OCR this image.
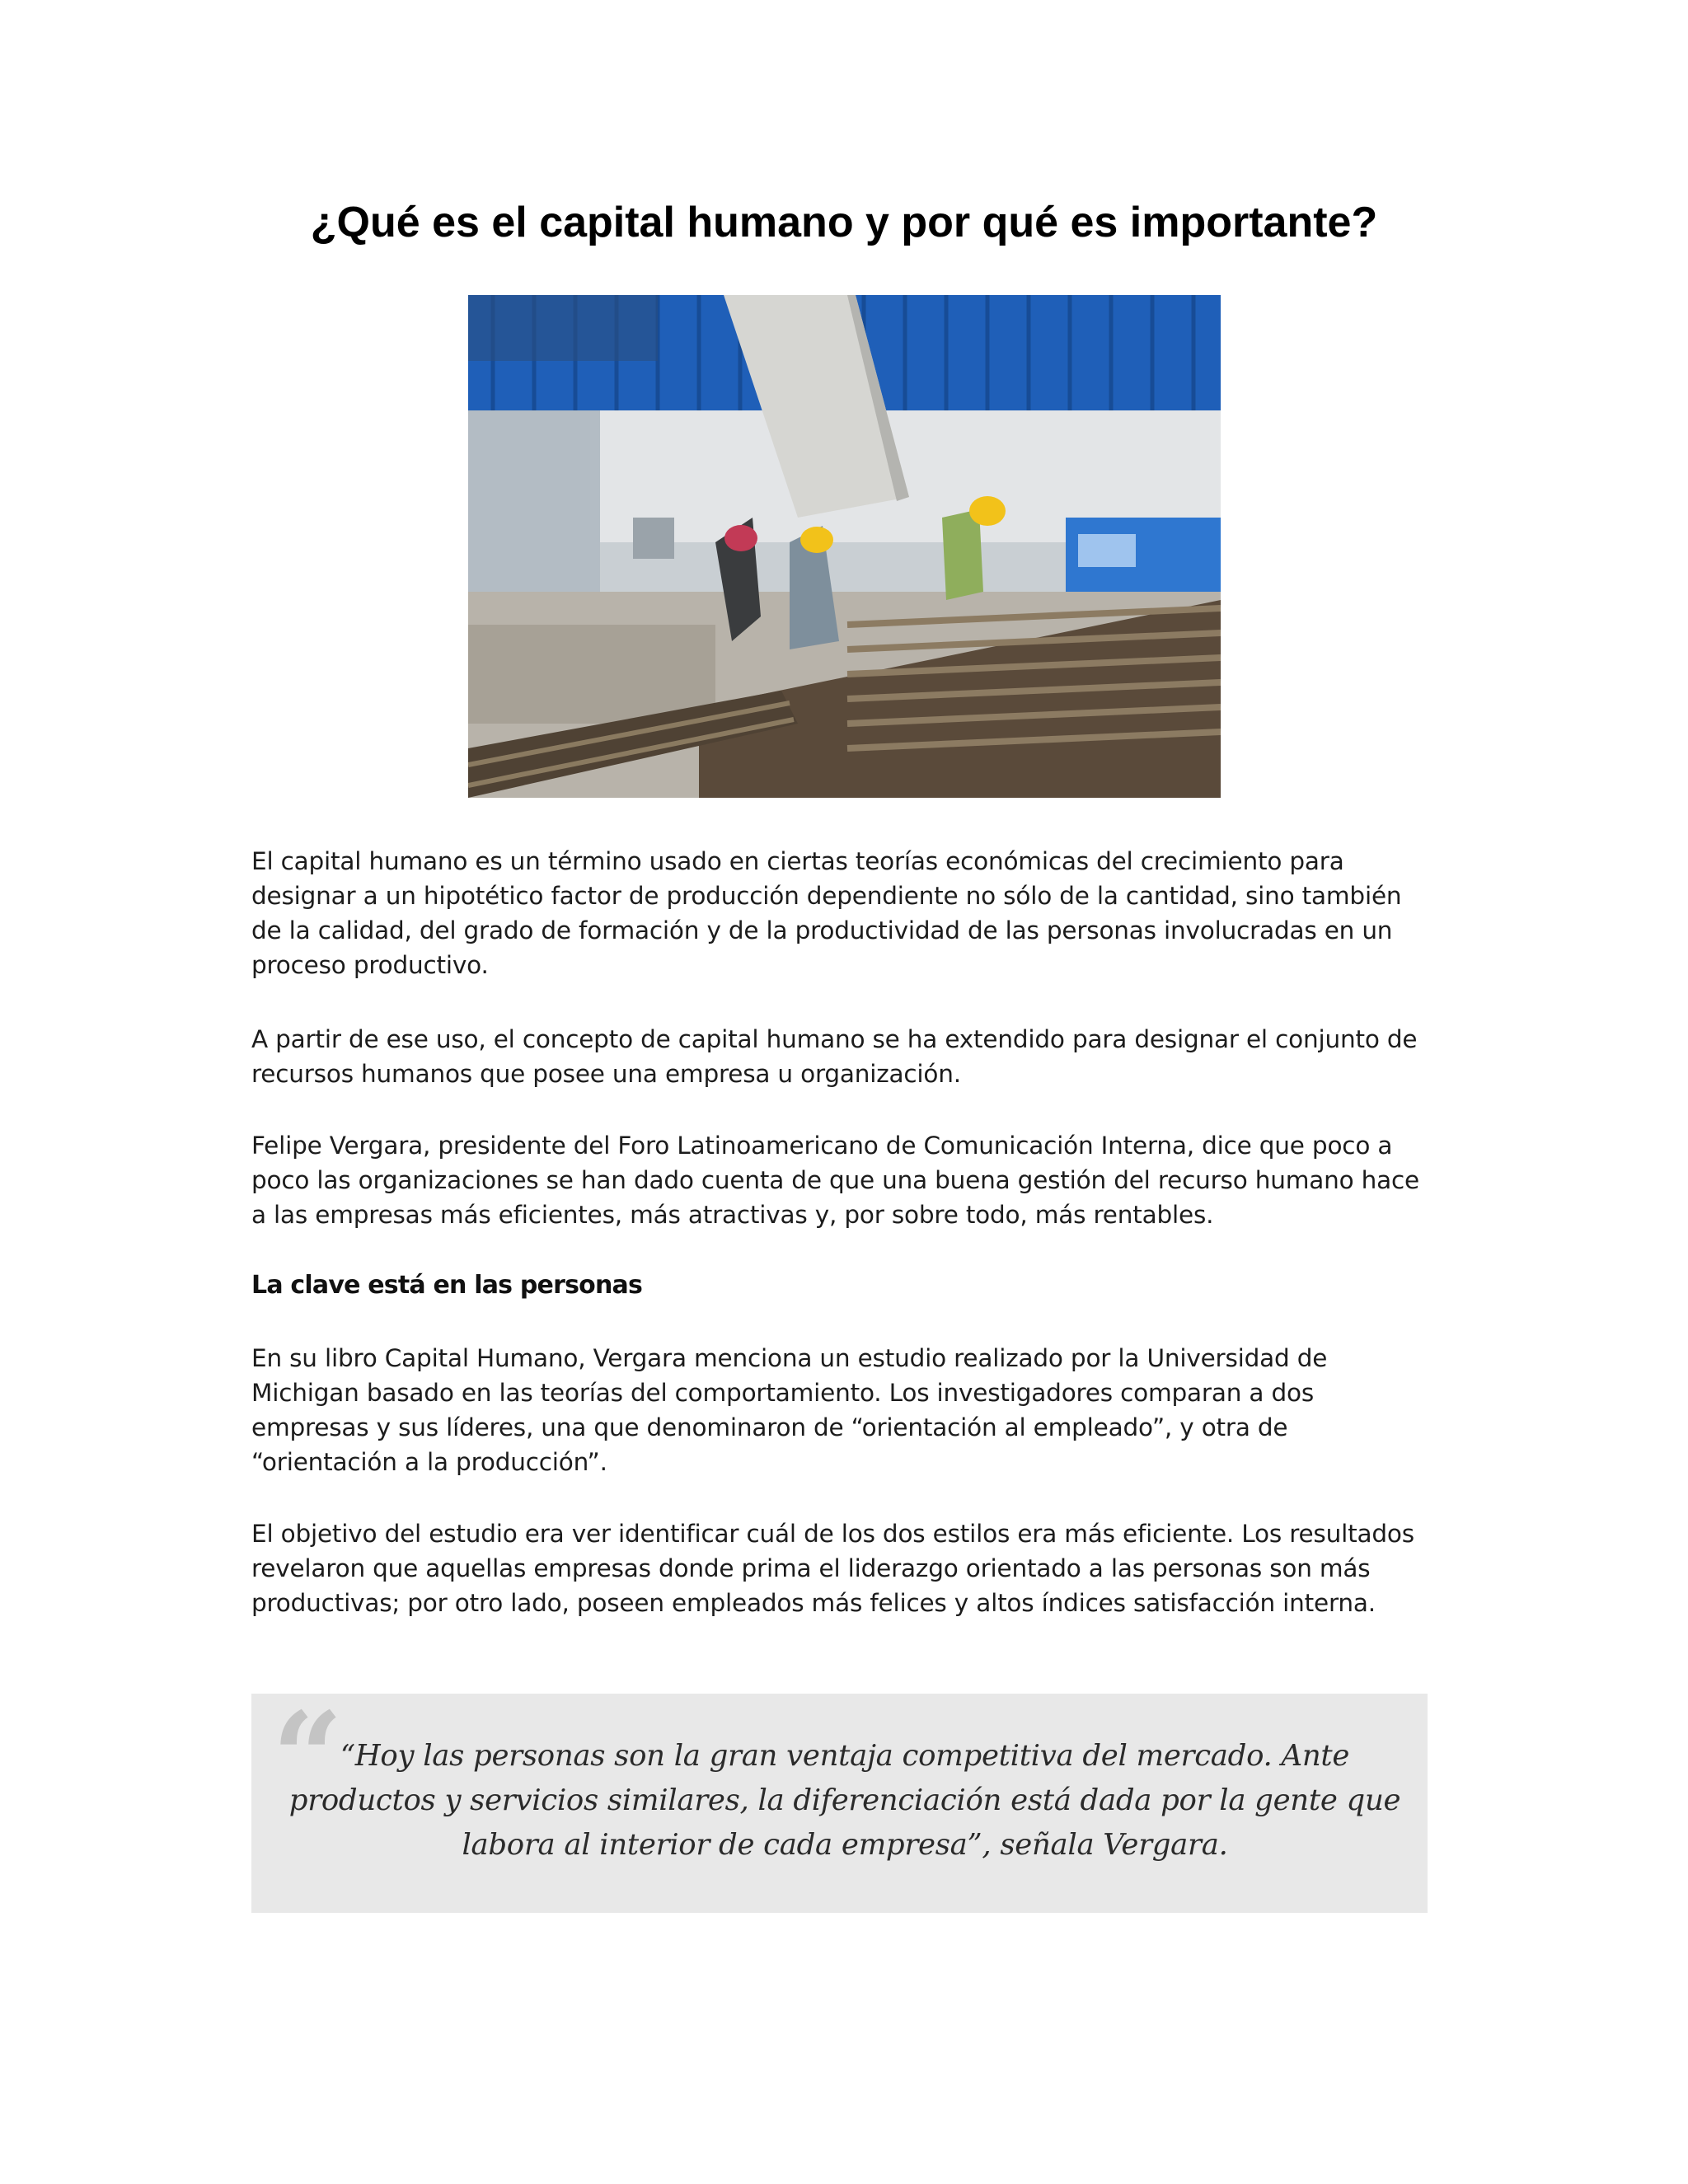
¿Qué es el capital humano y por qué es importante?

El capital humano es un término usado en ciertas teorías económicas del crecimiento para designar a un hipotético factor de producción dependiente no sólo de la cantidad, sino también de la calidad, del grado de formación y de la productividad de las personas involucradas en un proceso productivo.

A partir de ese uso, el concepto de capital humano se ha extendido para designar el conjunto de recursos humanos que posee una empresa u organización.

Felipe Vergara, presidente del Foro Latinoamericano de Comunicación Interna, dice que poco a poco las organizaciones se han dado cuenta de que una buena gestión del recurso humano hace a las empresas más eficientes, más atractivas y, por sobre todo, más rentables.

La clave está en las personas

En su libro Capital Humano, Vergara menciona un estudio realizado por la Universidad de Michigan basado en las teorías del comportamiento. Los investigadores comparan a dos empresas y sus líderes, una que denominaron de “orientación al empleado”, y otra de “orientación a la producción”.

El objetivo del estudio era ver identificar cuál de los dos estilos era más eficiente. Los resultados revelaron que aquellas empresas donde prima el liderazgo orientado a las personas son más productivas; por otro lado, poseen empleados más felices y altos índices satisfacción interna.

“

“Hoy las personas son la gran ventaja competitiva del mercado. Ante productos y servicios similares, la diferenciación está dada por la gente que labora al interior de cada empresa”, señala Vergara.
